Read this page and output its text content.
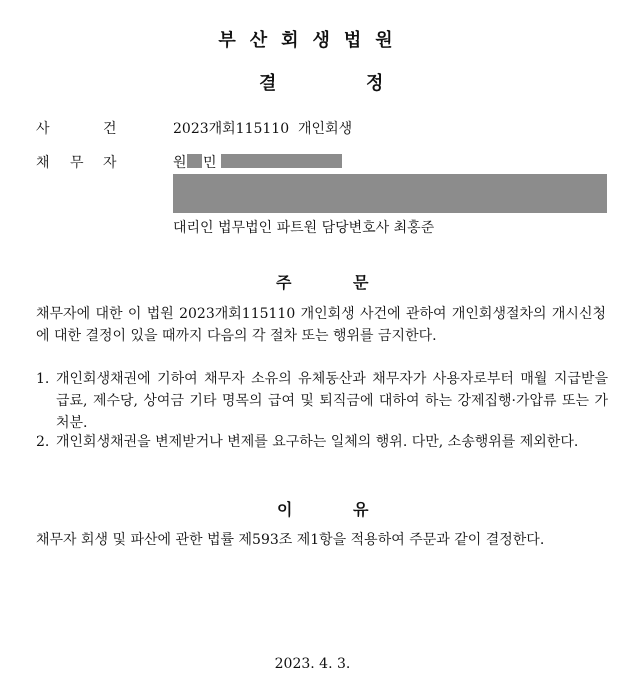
부산회생법원
결	정
사	건	2023개회115110  개인회생
채 무 자	원 민
대리인 법무법인 파트원 담당변호사 최홍준
주	문
채무자에 대한 이 법원 2023개회115110 개인회생 사건에 관하여 개인회생절차의 개시신청에 대한 결정이 있을 때까지 다음의 각 절차 또는 행위를 금지한다.
1. 개인회생채권에 기하여 채무자 소유의 유체동산과 채무자가 사용자로부터 매월 지급받을 급료, 제수당, 상여금 기타 명목의 급여 및 퇴직금에 대하여 하는 강제집행·가압류 또는 가처분.
2. 개인회생채권을 변제받거나 변제를 요구하는 일체의 행위. 다만, 소송행위를 제외한다.
이	유
채무자 회생 및 파산에 관한 법률 제593조 제1항을 적용하여 주문과 같이 결정한다.
2023. 4. 3.
